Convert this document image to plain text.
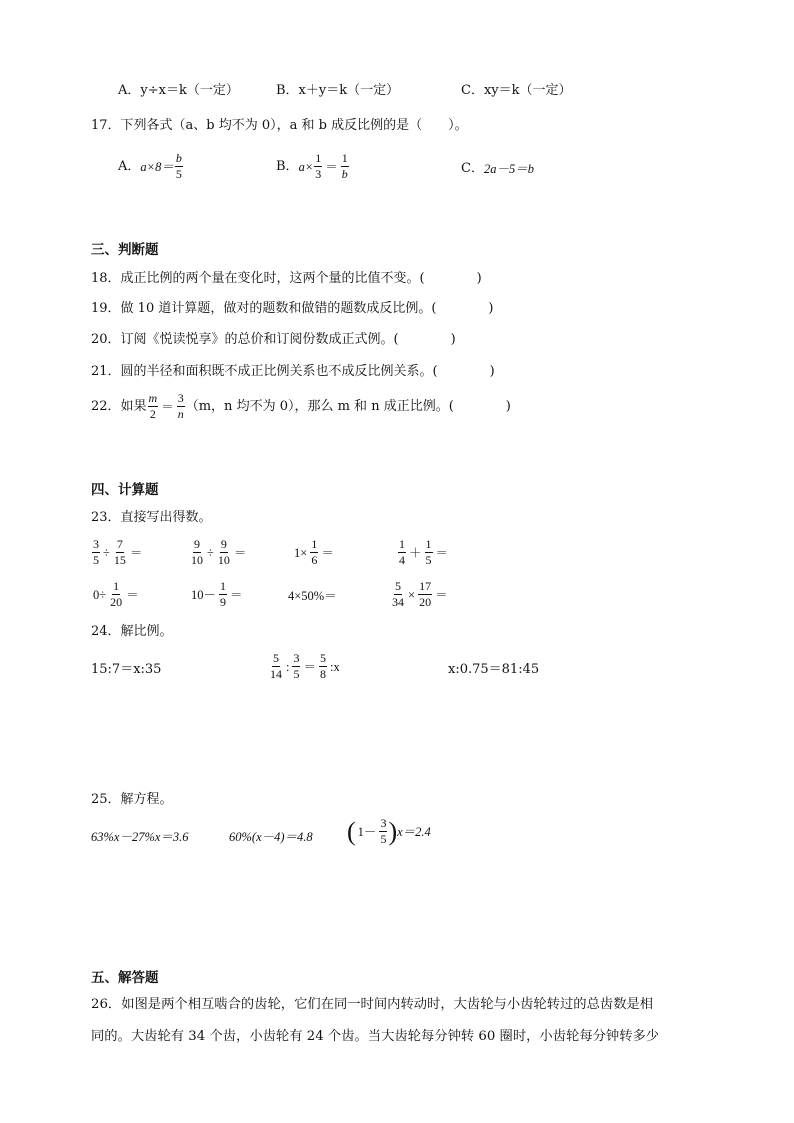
A．y÷x＝k（一定）	B．x＋y＝k（一定）	C．xy＝k（一定）
17．下列各式（a、b 均不为 0），a 和 b 成反比例的是（　　）。
A． $a\times 8= \frac{b}{5}$	B． $a\times \frac{1}{3} = \frac{1}{b}$	C． 2a－5＝b
三、判断题
18．成正比例的两个量在变化时，这两个量的比值不变。(　　　　)
19．做 10 道计算题，做对的题数和做错的题数成反比例。(　　　　)
20．订阅《悦读悦享》的总价和订阅份数成正式例。(　　　　)
21．圆的半径和面积既不成正比例关系也不成反比例关系。(　　　　)
22．如果 $\frac{m}{2} = \frac{3}{n} (m$，n 均不为 0），那么 m 和 n 成正比例。(　　　　)
四、计算题
23．直接写出得数。
$\frac{3}{5} \div \frac{7}{15}$ ＝	$\frac{9}{10} \div \frac{9}{10}$ ＝	$1\times \frac{1}{6}$ ＝	$\frac{1}{4} + \frac{1}{5}$ ＝
$0\div \frac{1}{20}$ ＝	$10- \frac{1}{9}$ ＝	4×50%＝	$\frac{5}{34} \times \frac{17}{20}$ ＝
24．解比例。
15:7＝x:35	$\frac{5}{14}$ : $\frac{3}{5} = \frac{5}{8}$ :x	x:0.75＝81:45
25．解方程。
63%x－27%x＝3.6	60%(x－4)＝4.8 ( $1- \frac{3}{5}$ ) x＝2.4
五、解答题
26．如图是两个相互啮合的齿轮，它们在同一时间内转动时，大齿轮与小齿轮转过的总齿数是相
同的。大齿轮有 34 个齿，小齿轮有 24 个齿。当大齿轮每分钟转 60 圈时，小齿轮每分钟转多少
